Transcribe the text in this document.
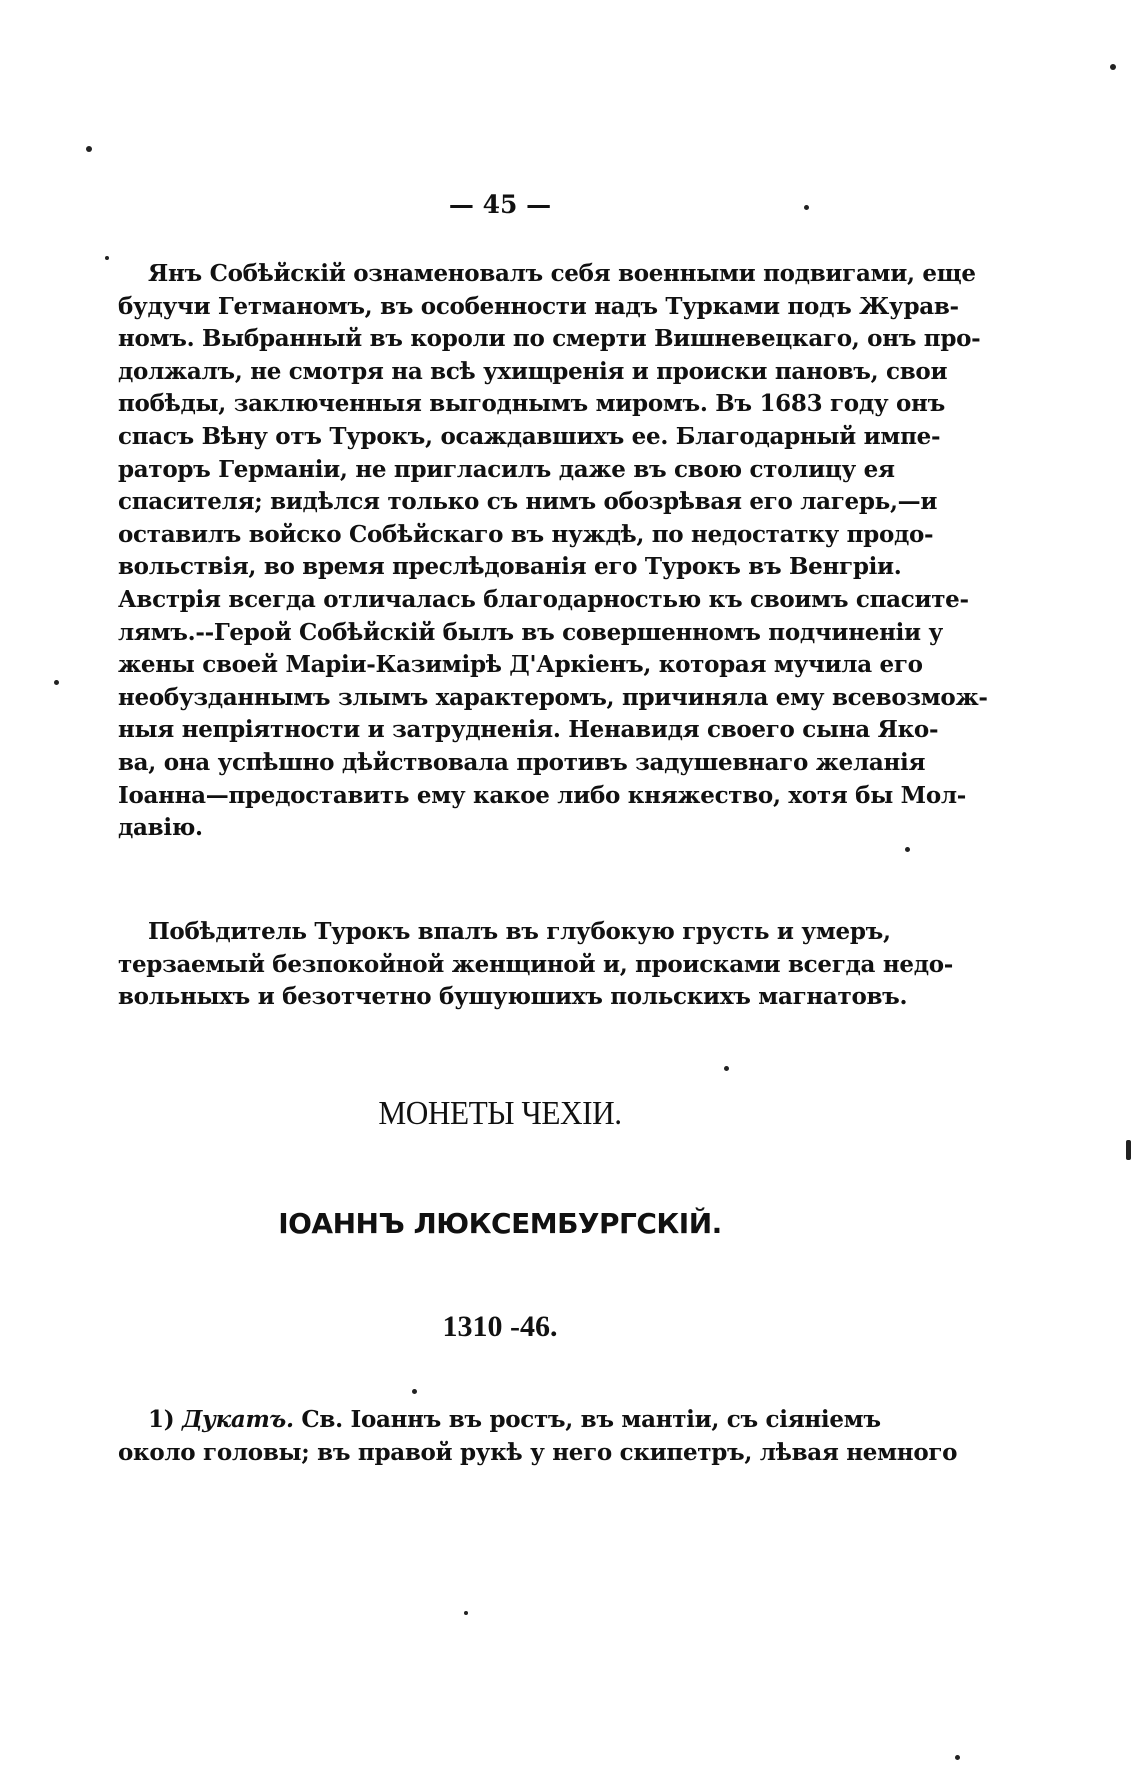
— 45 —
Янъ Собѣйскій ознаменовалъ себя военными подвигами, еще
будучи Гетманомъ, въ особенности надъ Турками подъ Журав-
номъ. Выбранный въ короли по смерти Вишневецкаго, онъ про-
должалъ, не смотря на всѣ ухищренія и происки пановъ, свои
побѣды, заключенныя выгоднымъ миромъ. Въ 1683 году онъ
спасъ Вѣну отъ Турокъ, осаждавшихъ ее. Благодарный импе-
раторъ Германіи, не пригласилъ даже въ свою столицу ея
спасителя; видѣлся только съ нимъ обозрѣвая его лагерь,—и
оставилъ войско Собѣйскаго въ нуждѣ, по недостатку продо-
вольствія, во время преслѣдованія его Турокъ въ Венгріи.
Австрія всегда отличалась благодарностью къ своимъ спасите-
лямъ.--Герой Собѣйскій былъ въ совершенномъ подчиненіи у
жены своей Маріи-Казимірѣ Д'Аркіенъ, которая мучила его
необузданнымъ злымъ характеромъ, причиняла ему всевозмож-
ныя непріятности и затрудненія. Ненавидя своего сына Яко-
ва, она успѣшно дѣйствовала противъ задушевнаго желанія
Іоанна—предоставить ему какое либо княжество, хотя бы Мол-
давію.
Побѣдитель Турокъ впалъ въ глубокую грусть и умеръ,
терзаемый безпокойной женщиной и, происками всегда недо-
вольныхъ и безотчетно бушуюшихъ польскихъ магнатовъ.
МОНЕТЫ ЧЕХІИ.
ІОАННЪ ЛЮКСЕМБУРГСКІЙ.
1310 -46.
1) Дукатъ. Св. Іоаннъ въ ростъ, въ мантіи, съ сіяніемъ
около головы; въ правой рукѣ у него скипетръ, лѣвая немного
